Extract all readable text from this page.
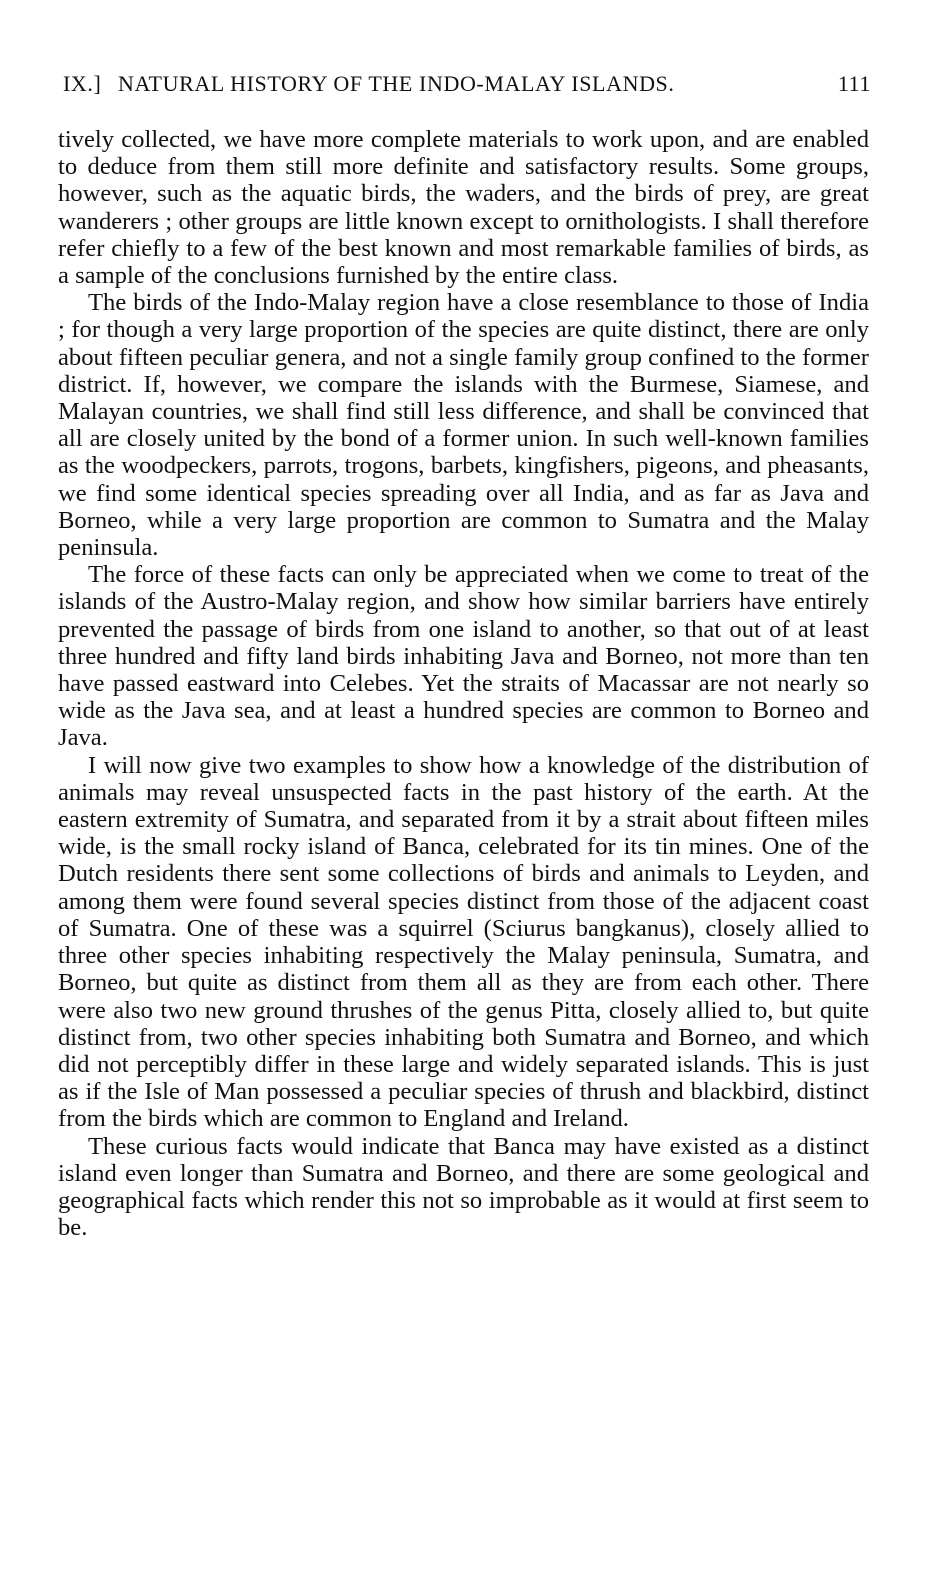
IX.] NATURAL HISTORY OF THE INDO-MALAY ISLANDS.	111

tively collected, we have more complete materials to work upon, and are enabled to deduce from them still more definite and satisfactory results. Some groups, however, such as the aquatic birds, the waders, and the birds of prey, are great wanderers ; other groups are little known except to ornithologists. I shall therefore refer chiefly to a few of the best known and most remarkable families of birds, as a sample of the conclusions furnished by the entire class.

The birds of the Indo-Malay region have a close resemblance to those of India ; for though a very large proportion of the species are quite distinct, there are only about fifteen peculiar genera, and not a single family group confined to the former district. If, however, we compare the islands with the Burmese, Siamese, and Malayan countries, we shall find still less difference, and shall be convinced that all are closely united by the bond of a former union. In such well-known families as the woodpeckers, parrots, trogons, barbets, kingfishers, pigeons, and pheasants, we find some identical species spreading over all India, and as far as Java and Borneo, while a very large proportion are common to Sumatra and the Malay peninsula.

The force of these facts can only be appreciated when we come to treat of the islands of the Austro-Malay region, and show how similar barriers have entirely prevented the passage of birds from one island to another, so that out of at least three hundred and fifty land birds inhabiting Java and Borneo, not more than ten have passed eastward into Celebes. Yet the straits of Macassar are not nearly so wide as the Java sea, and at least a hundred species are common to Borneo and Java.

I will now give two examples to show how a knowledge of the distribution of animals may reveal unsuspected facts in the past history of the earth. At the eastern extremity of Sumatra, and separated from it by a strait about fifteen miles wide, is the small rocky island of Banca, celebrated for its tin mines. One of the Dutch residents there sent some collections of birds and animals to Leyden, and among them were found several species distinct from those of the adjacent coast of Sumatra. One of these was a squirrel (Sciurus bangkanus), closely allied to three other species inhabiting respectively the Malay peninsula, Sumatra, and Borneo, but quite as distinct from them all as they are from each other. There were also two new ground thrushes of the genus Pitta, closely allied to, but quite distinct from, two other species inhabiting both Sumatra and Borneo, and which did not perceptibly differ in these large and widely separated islands. This is just as if the Isle of Man possessed a peculiar species of thrush and blackbird, distinct from the birds which are common to England and Ireland.

These curious facts would indicate that Banca may have existed as a distinct island even longer than Sumatra and Borneo, and there are some geological and geographical facts which render this not so improbable as it would at first seem to be.
